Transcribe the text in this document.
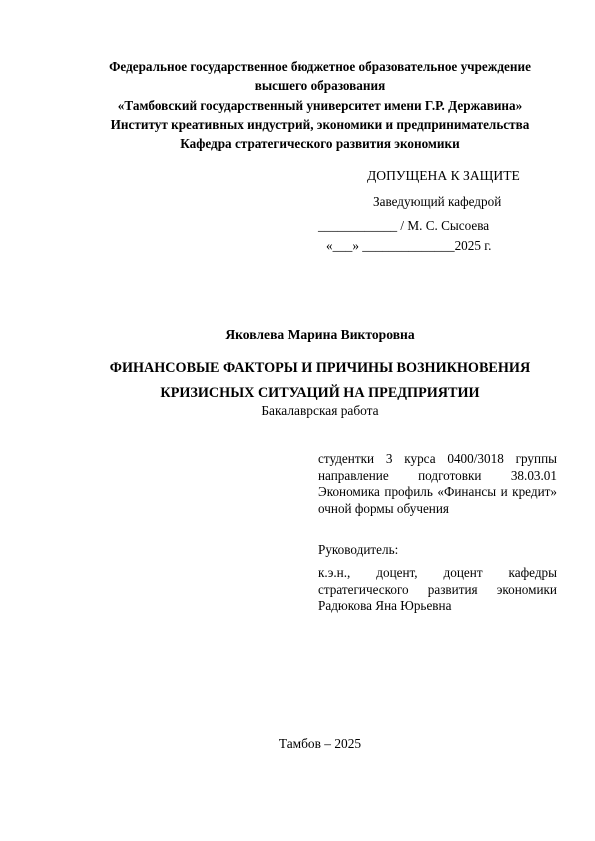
Федеральное государственное бюджетное образовательное учреждение
высшего образования
«Тамбовский государственный университет имени Г.Р. Державина»
Институт креативных индустрий, экономики и предпринимательства
Кафедра стратегического развития экономики
ДОПУЩЕНА К ЗАЩИТЕ
Заведующий кафедрой
____________ / М. С. Сысоева
«___» ______________2025 г.
Яковлева Марина Викторовна
ФИНАНСОВЫЕ ФАКТОРЫ И ПРИЧИНЫ ВОЗНИКНОВЕНИЯ
КРИЗИСНЫХ СИТУАЦИЙ НА ПРЕДПРИЯТИИ
Бакалаврская работа
студентки 3 курса 0400/3018 группы направление подготовки 38.03.01 Экономика профиль «Финансы и кредит» очной формы обучения
Руководитель:
к.э.н., доцент, доцент кафедры стратегического развития экономики Радюкова Яна Юрьевна
Тамбов – 2025
